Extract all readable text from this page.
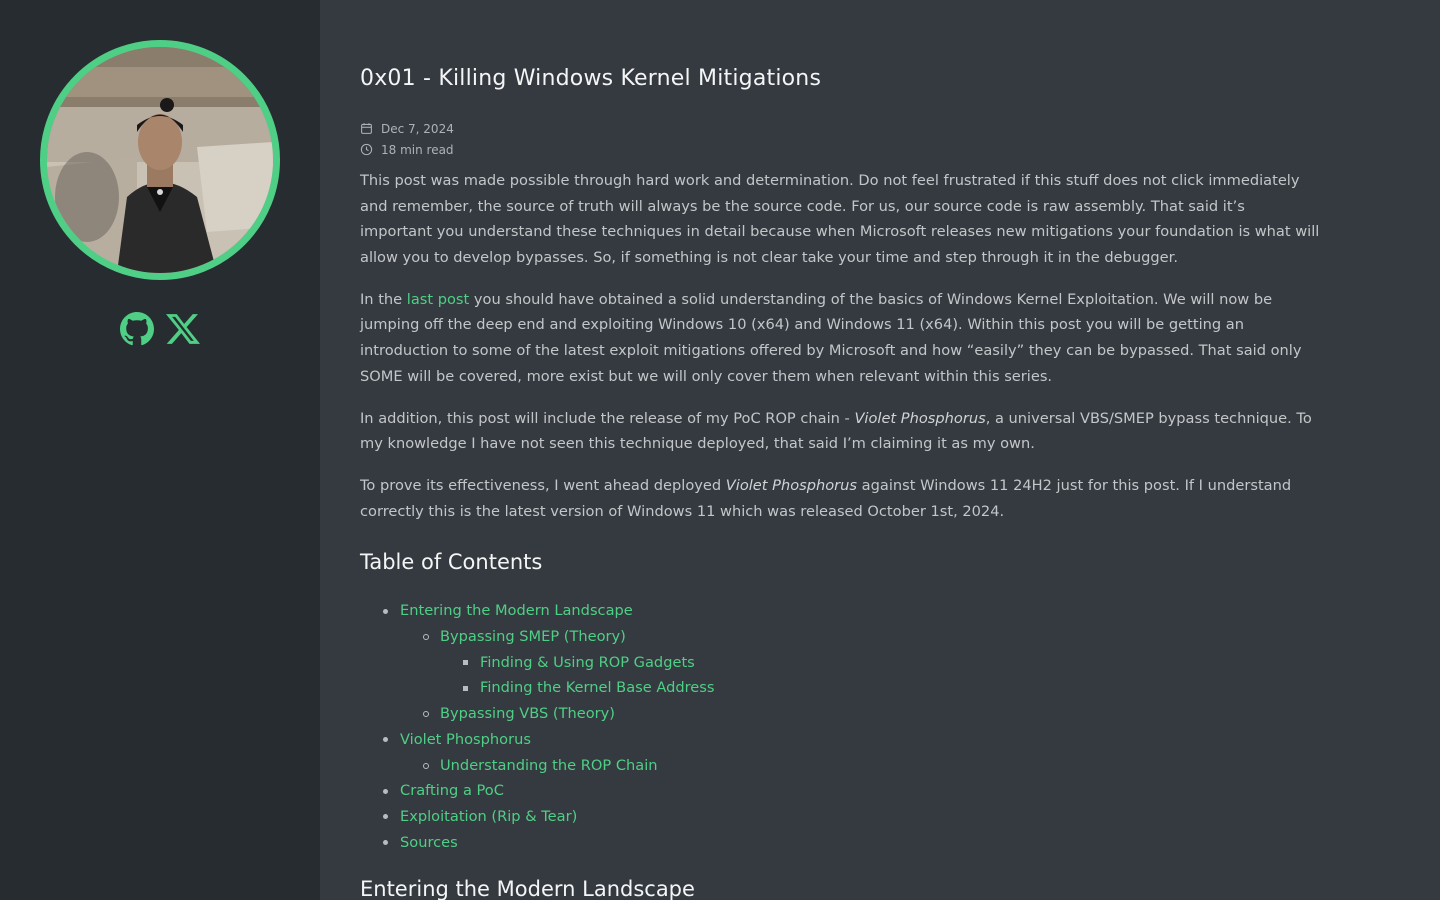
0x01 - Killing Windows Kernel Mitigations
Dec 7, 2024
18 min read

This post was made possible through hard work and determination. Do not feel frustrated if this stuff does not click immediately and remember, the source of truth will always be the source code. For us, our source code is raw assembly. That said it’s important you understand these techniques in detail because when Microsoft releases new mitigations your foundation is what will allow you to develop bypasses. So, if something is not clear take your time and step through it in the debugger.

In the last post you should have obtained a solid understanding of the basics of Windows Kernel Exploitation. We will now be jumping off the deep end and exploiting Windows 10 (x64) and Windows 11 (x64). Within this post you will be getting an introduction to some of the latest exploit mitigations offered by Microsoft and how “easily” they can be bypassed. That said only SOME will be covered, more exist but we will only cover them when relevant within this series.

In addition, this post will include the release of my PoC ROP chain - Violet Phosphorus, a universal VBS/SMEP bypass technique. To my knowledge I have not seen this technique deployed, that said I’m claiming it as my own.

To prove its effectiveness, I went ahead deployed Violet Phosphorus against Windows 11 24H2 just for this post. If I understand correctly this is the latest version of Windows 11 which was released October 1st, 2024.

Table of Contents
Entering the Modern Landscape
Bypassing SMEP (Theory)
Finding & Using ROP Gadgets
Finding the Kernel Base Address
Bypassing VBS (Theory)
Violet Phosphorus
Understanding the ROP Chain
Crafting a PoC
Exploitation (Rip & Tear)
Sources
Entering the Modern Landscape
